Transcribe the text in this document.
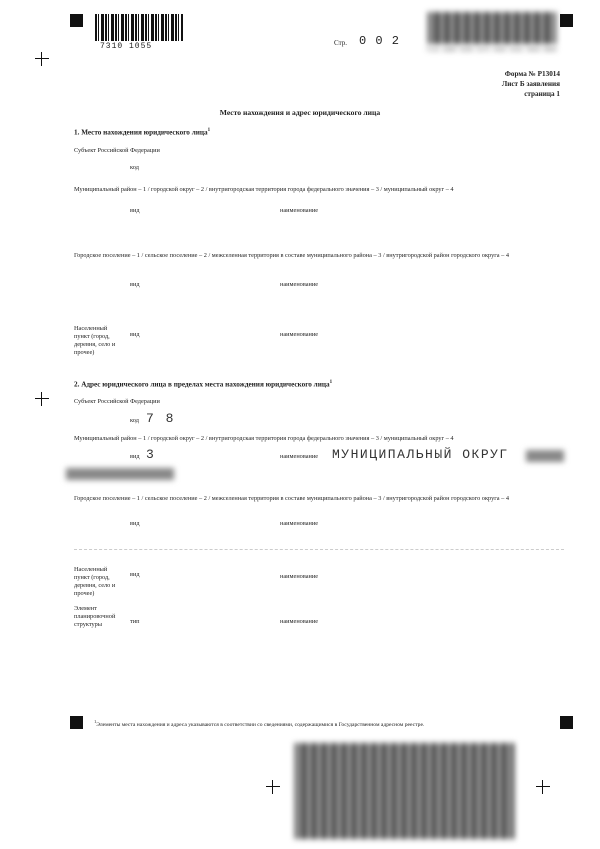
7310 1055	Стр. 0 0 2
7c1e a9d9 510d 2274 4e92 9c81 d4ed db6e
Форма № Р13014
Лист Б заявления
страница 1
Место нахождения и адрес юридического лица
1. Место нахождения юридического лица$^1$
Субъект Российской Федерации
код
Муниципальный район – 1 / городской округ – 2 / внутригородская территория города федерального значения – 3 / муниципальный округ – 4
вид	наименование
Городское поселение – 1 / сельское поселение – 2 / межселенная территория в составе муниципального района – 3 / внутригородской район городского округа – 4
вид	наименование
Населенный пункт (город, деревня, село и прочее)
вид	наименование
2. Адрес юридического лица в пределах места нахождения юридического лица$^1$
Субъект Российской Федерации
код 7 8
Муниципальный район – 1 / городской округ – 2 / внутригородская территория города федерального значения – 3 / муниципальный округ – 4
вид 3	наименование МУНИЦИПАЛЬНЫЙ ОКРУГ
Городское поселение – 1 / сельское поселение – 2 / межселенная территория в составе муниципального района – 3 / внутригородской район городского округа – 4
вид	наименование
Населенный пункт (город, деревня, село и прочее)
вид	наименование
Элемент планировочной структуры	тип	наименование
$^1$Элементы места нахождения и адреса указываются в соответствии со сведениями, содержащимися в Государственном адресном реестре.
